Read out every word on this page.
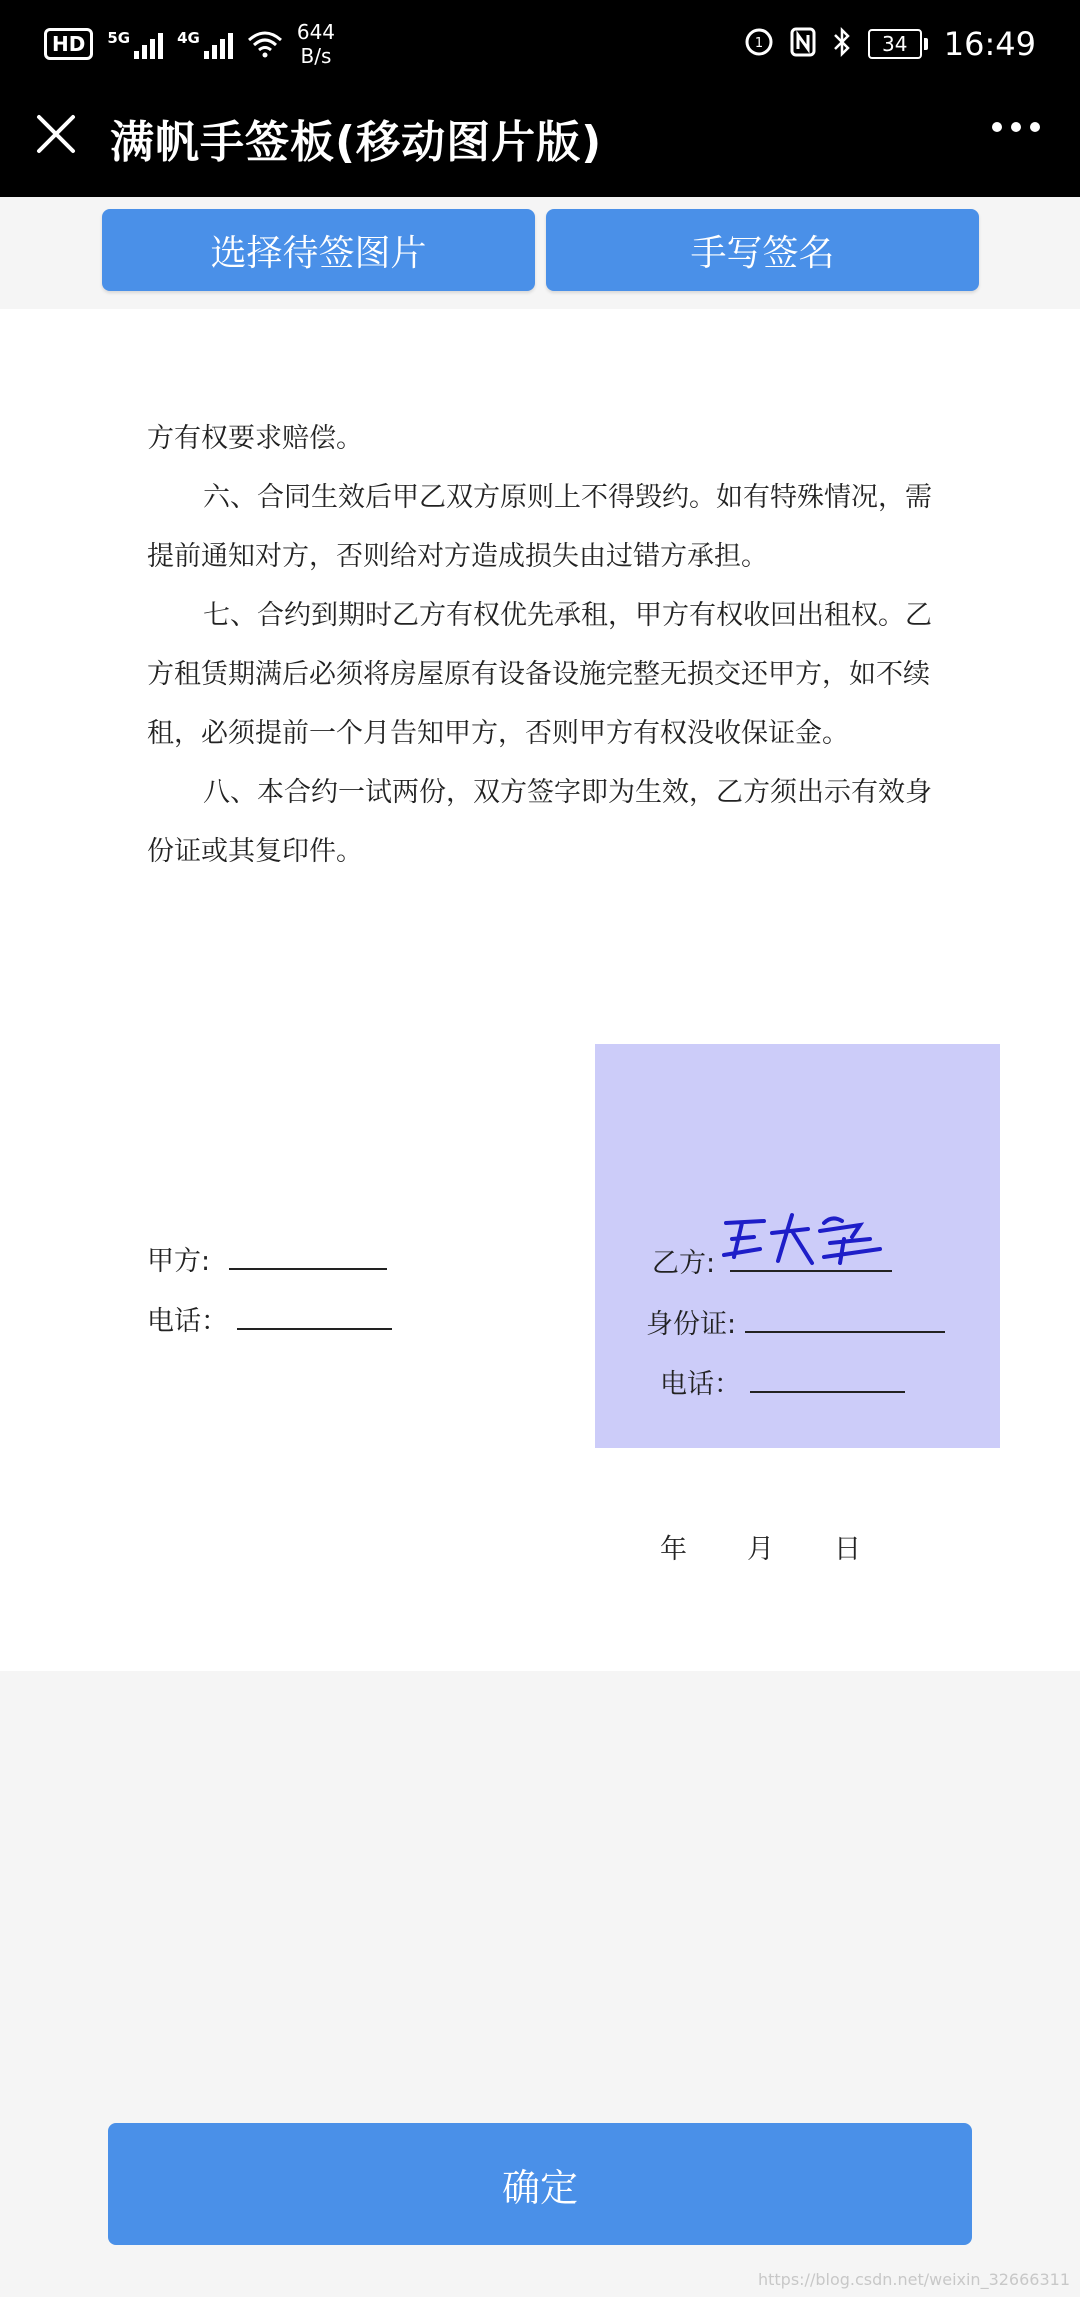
HD	5G	4G	644
B/s
1	34	16:49
满帆手签板(移动图片版)
选择待签图片	手写签名

方有权要求赔偿。

六、合同生效后甲乙双方原则上不得毁约。如有特殊情况，需提前通知对方，否则给对方造成损失由过错方承担。

七、合约到期时乙方有权优先承租，甲方有权收回出租权。乙方租赁期满后必须将房屋原有设备设施完整无损交还甲方，如不续租，必须提前一个月告知甲方，否则甲方有权没收保证金。

八、本合约一试两份，双方签字即为生效，乙方须出示有效身份证或其复印件。

甲方:
电话：
乙方:
身份证:
电话：
年 月 日
确定
https://blog.csdn.net/weixin_32666311
